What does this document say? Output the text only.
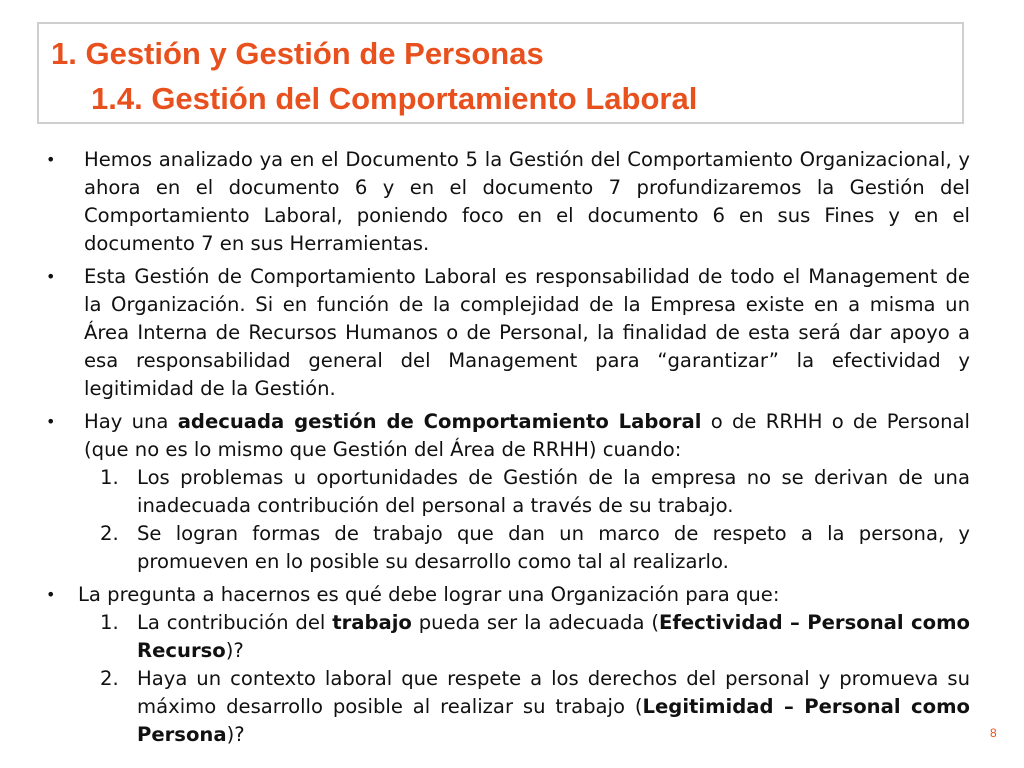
1. Gestión y Gestión de Personas
1.4. Gestión del Comportamiento Laboral
• Hemos analizado ya en el Documento 5 la Gestión del Comportamiento Organizacional, y ahora en el documento 6 y en el documento 7 profundizaremos la Gestión del Comportamiento Laboral, poniendo foco en el documento 6 en sus Fines y en el documento 7 en sus Herramientas.
• Esta Gestión de Comportamiento Laboral es responsabilidad de todo el Management de la Organización. Si en función de la complejidad de la Empresa existe en a misma un Área Interna de Recursos Humanos o de Personal, la finalidad de esta será dar apoyo a esa responsabilidad general del Management para “garantizar” la efectividad y legitimidad de la Gestión.
• Hay una adecuada gestión de Comportamiento Laboral o de RRHH o de Personal (que no es lo mismo que Gestión del Área de RRHH) cuando:
1. Los problemas u oportunidades de Gestión de la empresa no se derivan de una inadecuada contribución del personal a través de su trabajo.
2. Se logran formas de trabajo que dan un marco de respeto a la persona, y promueven en lo posible su desarrollo como tal al realizarlo.
• La pregunta a hacernos es qué debe lograr una Organización para que:
1. La contribución del trabajo pueda ser la adecuada (Efectividad – Personal como Recurso)?
2. Haya un contexto laboral que respete a los derechos del personal y promueva su máximo desarrollo posible al realizar su trabajo (Legitimidad – Personal como Persona)?	8
